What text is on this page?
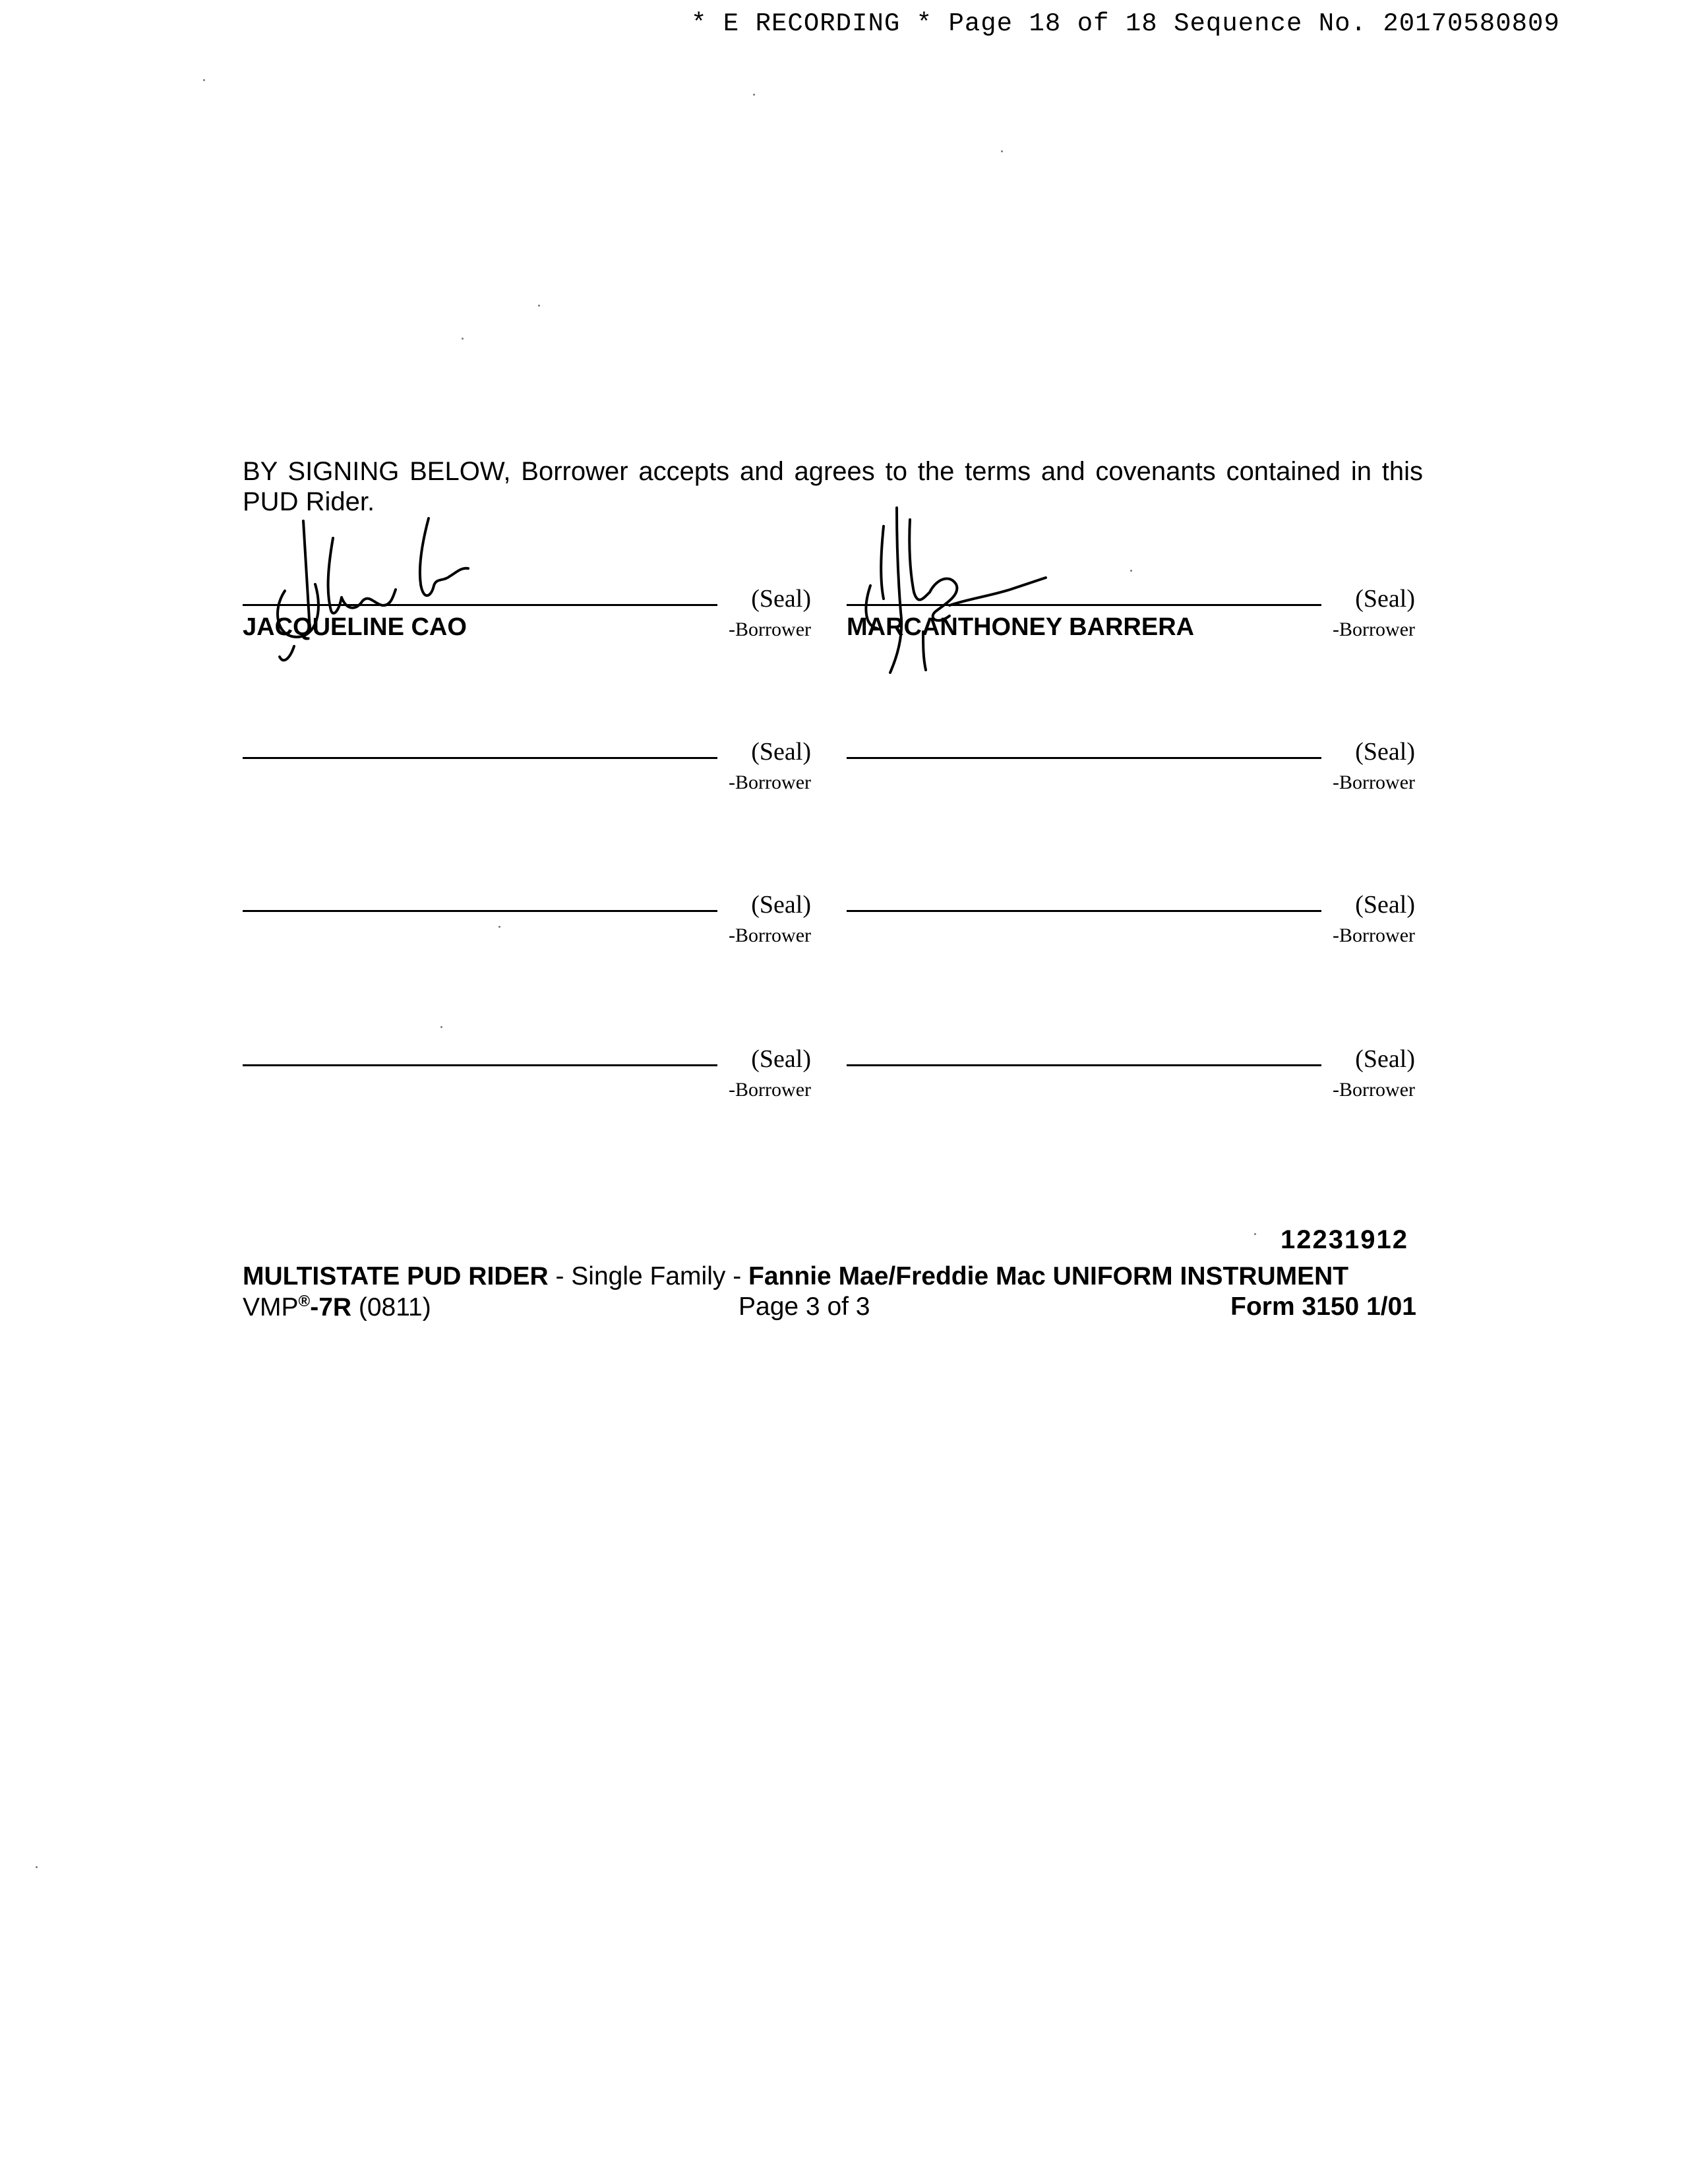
* E RECORDING * Page 18 of 18 Sequence No. 20170580809
BY SIGNING BELOW, Borrower accepts and agrees to the terms and covenants contained in this
PUD Rider.
(Seal)
-Borrower
JACQUELINE CAO
(Seal)
-Borrower
MARCANTHONEY BARRERA
(Seal)
-Borrower
(Seal)
-Borrower
(Seal)
-Borrower
(Seal)
-Borrower
(Seal)
-Borrower
(Seal)
-Borrower
12231912
MULTISTATE PUD RIDER - Single Family - Fannie Mae/Freddie Mac UNIFORM INSTRUMENT
VMP®-7R (0811)	Page 3 of 3	Form 3150 1/01
